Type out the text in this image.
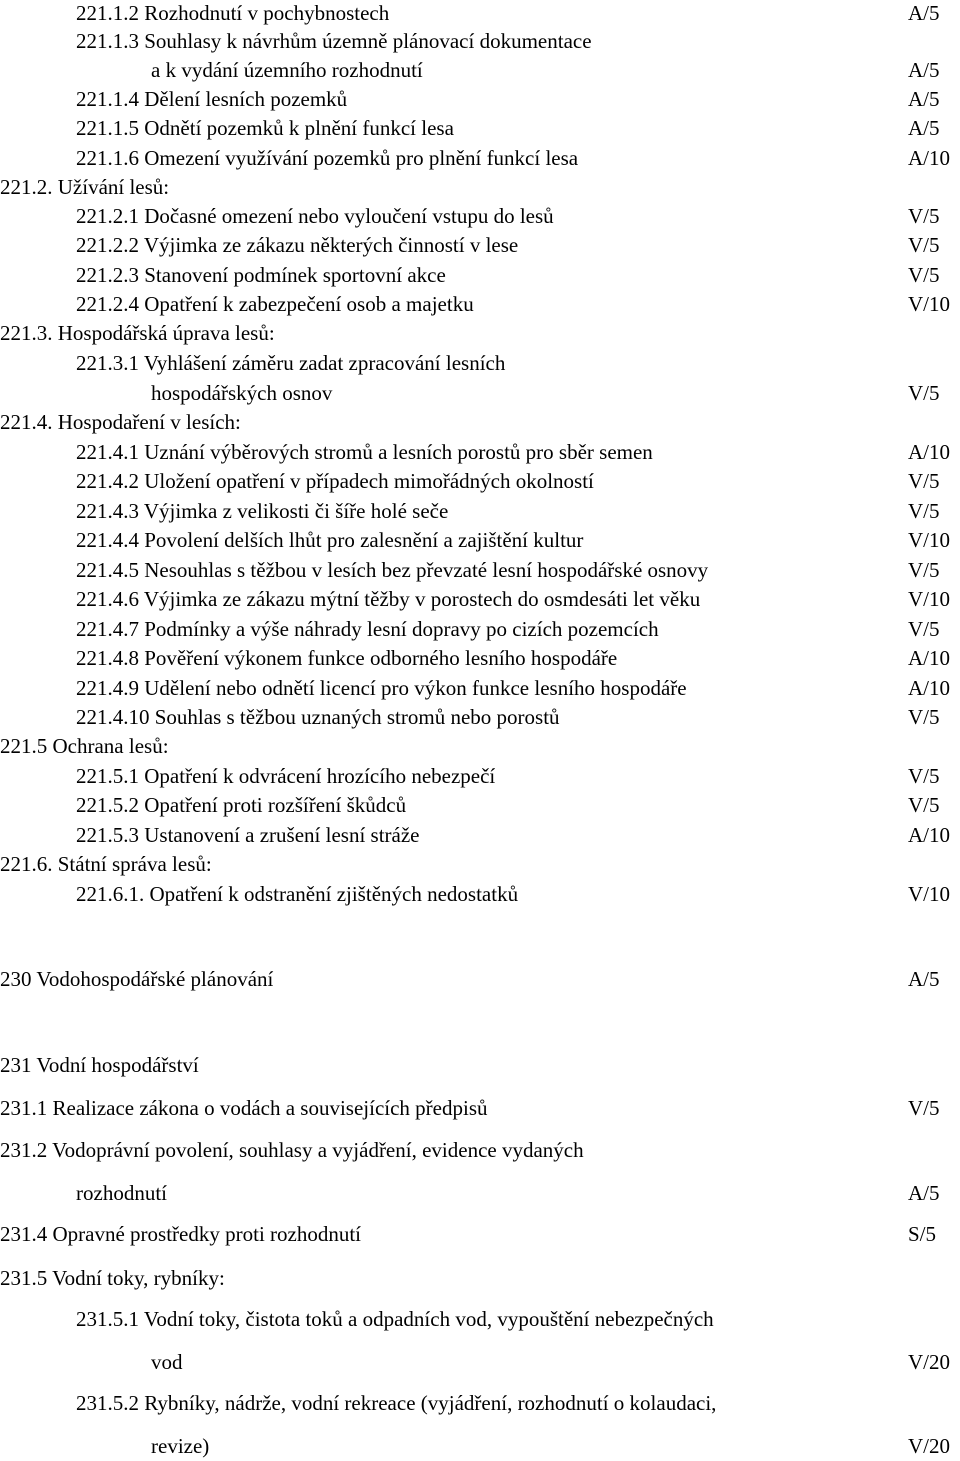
221.1.2 Rozhodnutí v pochybnostech	A/5
221.1.3 Souhlasy k návrhům územně plánovací dokumentace
a k vydání územního rozhodnutí	A/5
221.1.4 Dělení lesních pozemků	A/5
221.1.5 Odnětí pozemků k plnění funkcí lesa	A/5
221.1.6 Omezení využívání pozemků pro plnění funkcí lesa	A/10
221.2. Užívání lesů:
221.2.1 Dočasné omezení nebo vyloučení vstupu do lesů	V/5
221.2.2 Výjimka ze zákazu některých činností v lese	V/5
221.2.3 Stanovení podmínek sportovní akce	V/5
221.2.4 Opatření k zabezpečení osob a majetku	V/10
221.3. Hospodářská úprava lesů:
221.3.1 Vyhlášení záměru zadat zpracování lesních
hospodářských osnov	V/5
221.4. Hospodaření v lesích:
221.4.1 Uznání výběrových stromů a lesních porostů pro sběr semen	A/10
221.4.2 Uložení opatření v případech mimořádných okolností	V/5
221.4.3 Výjimka z velikosti či šíře holé seče	V/5
221.4.4 Povolení delších lhůt pro zalesnění a zajištění kultur	V/10
221.4.5 Nesouhlas s těžbou v lesích bez převzaté lesní hospodářské osnovy	V/5
221.4.6 Výjimka ze zákazu mýtní těžby v porostech do osmdesáti let věku	V/10
221.4.7 Podmínky a výše náhrady lesní dopravy po cizích pozemcích	V/5
221.4.8 Pověření výkonem funkce odborného lesního hospodáře	A/10
221.4.9 Udělení nebo odnětí licencí pro výkon funkce lesního hospodáře	A/10
221.4.10 Souhlas s těžbou uznaných stromů nebo porostů	V/5
221.5 Ochrana lesů:
221.5.1 Opatření k odvrácení hrozícího nebezpečí	V/5
221.5.2 Opatření proti rozšíření škůdců	V/5
221.5.3 Ustanovení a zrušení lesní stráže	A/10
221.6. Státní správa lesů:
221.6.1. Opatření k odstranění zjištěných nedostatků	V/10
230 Vodohospodářské plánování	A/5
231 Vodní hospodářství
231.1 Realizace zákona o vodách a souvisejících předpisů	V/5
231.2 Vodoprávní povolení, souhlasy a vyjádření, evidence vydaných
rozhodnutí	A/5
231.4 Opravné prostředky proti rozhodnutí	S/5
231.5 Vodní toky, rybníky:
231.5.1 Vodní toky, čistota toků a odpadních vod, vypouštění nebezpečných
vod	V/20
231.5.2 Rybníky, nádrže, vodní rekreace (vyjádření, rozhodnutí o kolaudaci,
revize)	V/20
